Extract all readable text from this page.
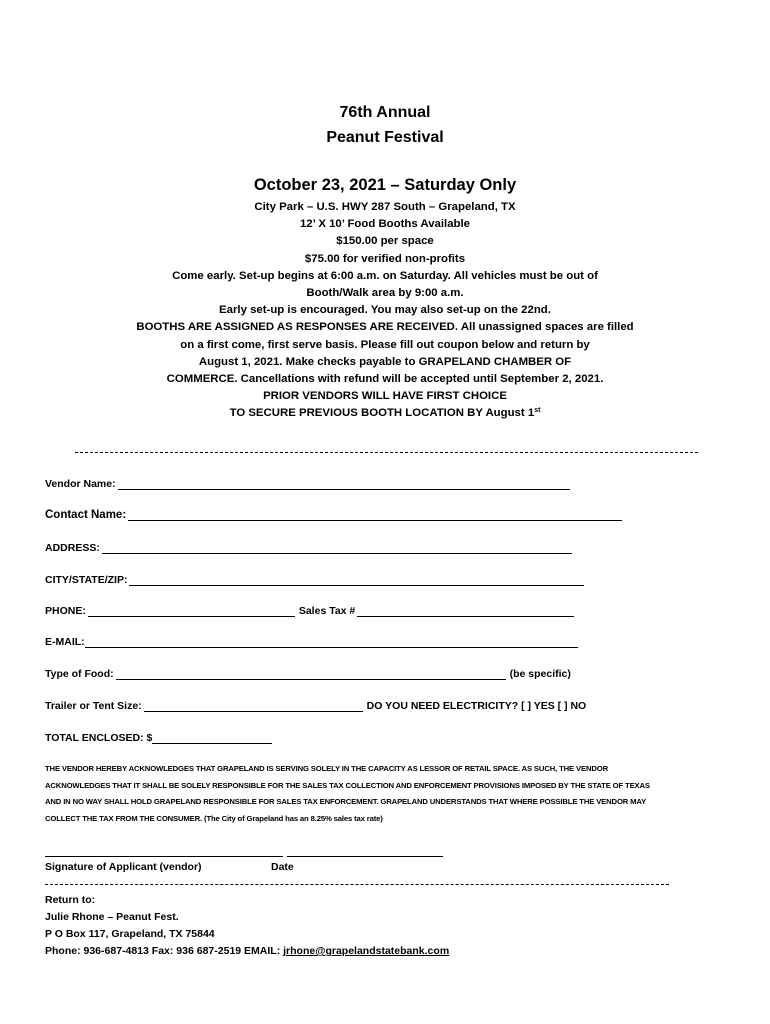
76th Annual
Peanut Festival
October 23, 2021 – Saturday Only
City Park – U.S. HWY 287 South – Grapeland, TX
12’ X 10’ Food Booths Available
$150.00 per space
$75.00 for verified non-profits
Come early. Set-up begins at 6:00 a.m. on Saturday. All vehicles must be out of
Booth/Walk area by 9:00 a.m.
Early set-up is encouraged. You may also set-up on the 22nd.
BOOTHS ARE ASSIGNED AS RESPONSES ARE RECEIVED. All unassigned spaces are filled
on a first come, first serve basis. Please fill out coupon below and return by
August 1, 2021. Make checks payable to GRAPELAND CHAMBER OF
COMMERCE. Cancellations with refund will be accepted until September 2, 2021.
PRIOR VENDORS WILL HAVE FIRST CHOICE
TO SECURE PREVIOUS BOOTH LOCATION BY August 1st
Vendor Name:
Contact Name:
ADDRESS:
CITY/STATE/ZIP:
PHONE:	Sales Tax #
E-MAIL:
Type of Food:	(be specific)
Trailer or Tent Size:	DO YOU NEED ELECTRICITY? [ ] YES [ ] NO
TOTAL ENCLOSED: $
THE VENDOR HEREBY ACKNOWLEDGES THAT GRAPELAND IS SERVING SOLELY IN THE CAPACITY AS LESSOR OF RETAIL SPACE. AS SUCH, THE VENDOR
ACKNOWLEDGES THAT IT SHALL BE SOLELY RESPONSIBLE FOR THE SALES TAX COLLECTION AND ENFORCEMENT PROVISIONS IMPOSED BY THE STATE OF TEXAS
AND IN NO WAY SHALL HOLD GRAPELAND RESPONSIBLE FOR SALES TAX ENFORCEMENT. GRAPELAND UNDERSTANDS THAT WHERE POSSIBLE THE VENDOR MAY
COLLECT THE TAX FROM THE CONSUMER. (The City of Grapeland has an 8.25% sales tax rate)
Signature of Applicant (vendor)	Date
Return to:
Julie Rhone – Peanut Fest.
P O Box 117, Grapeland, TX 75844
Phone: 936-687-4813 Fax: 936 687-2519 EMAIL: jrhone@grapelandstatebank.com
